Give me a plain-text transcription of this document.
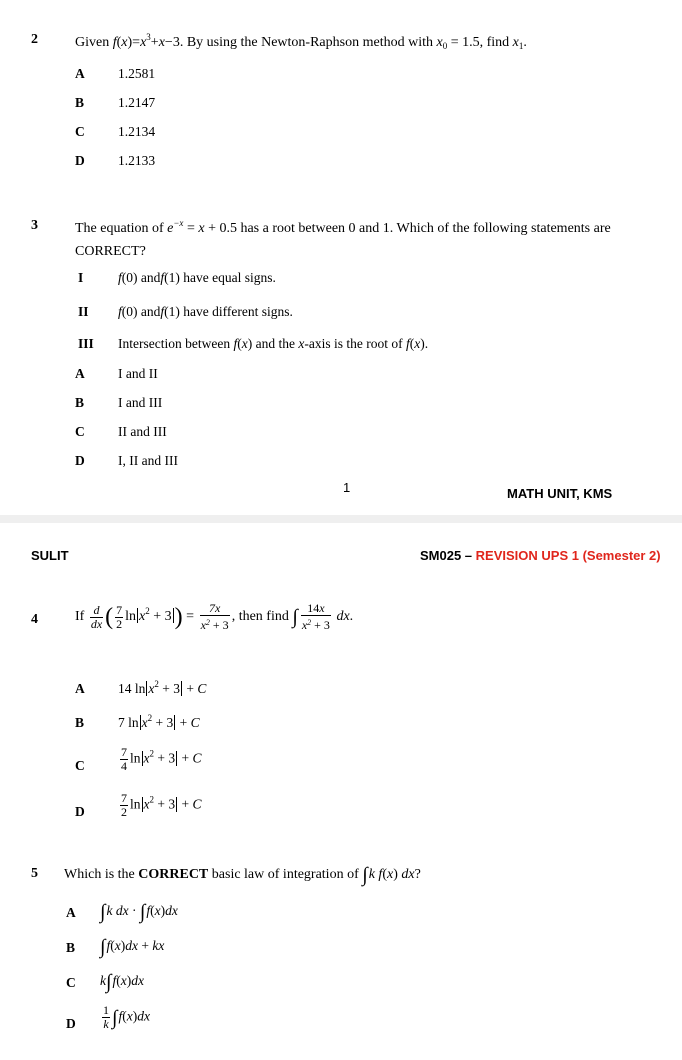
2	Given $f(x)=x^3+x-3$. By using the Newton-Raphson method with $x_0 = 1.5$, find $x_1$.
A 1.2581
B	1.2147
C 1.2134
D 1.2133
3	The equation of $e^{-x} = x + 0.5$ has a root between 0 and 1. Which of the following statements are
CORRECT?
I	f(0) andf(1) have equal signs.
II f(0) andf(1) have different signs.
III Intersection between f(x) and the x-axis is the root of f(x).
A I and II
B	I and III
C II and III
D I, II and III
1	MATH UNIT, KMS
SULIT	SM025 – REVISION UPS 1 (Semester 2)
4	If $\frac{d}{dx}$ ( $\frac{7}{2}$ $\ln x^2 + 3$ ) = $\frac{7x}{x^2 + 3}$ , then find ∫ $\frac{14x}{x^2 + 3}$ dx.
A 14 $\ln x^2 + 3 + C$
B	7 $\ln x^2 + 3 + C$
C	$\frac{7}{4}$ $\ln x^2 + 3 + C$
D	$\frac{7}{2}$ $\ln x^2 + 3 + C$
5 Which is the CORRECT basic law of integration of ∫k f(x) dx?
A ∫k dx · ∫f(x)dx
B ∫f(x)dx + kx
C k∫f(x)dx
D $\frac{1}{k} \int f(x)dx$
